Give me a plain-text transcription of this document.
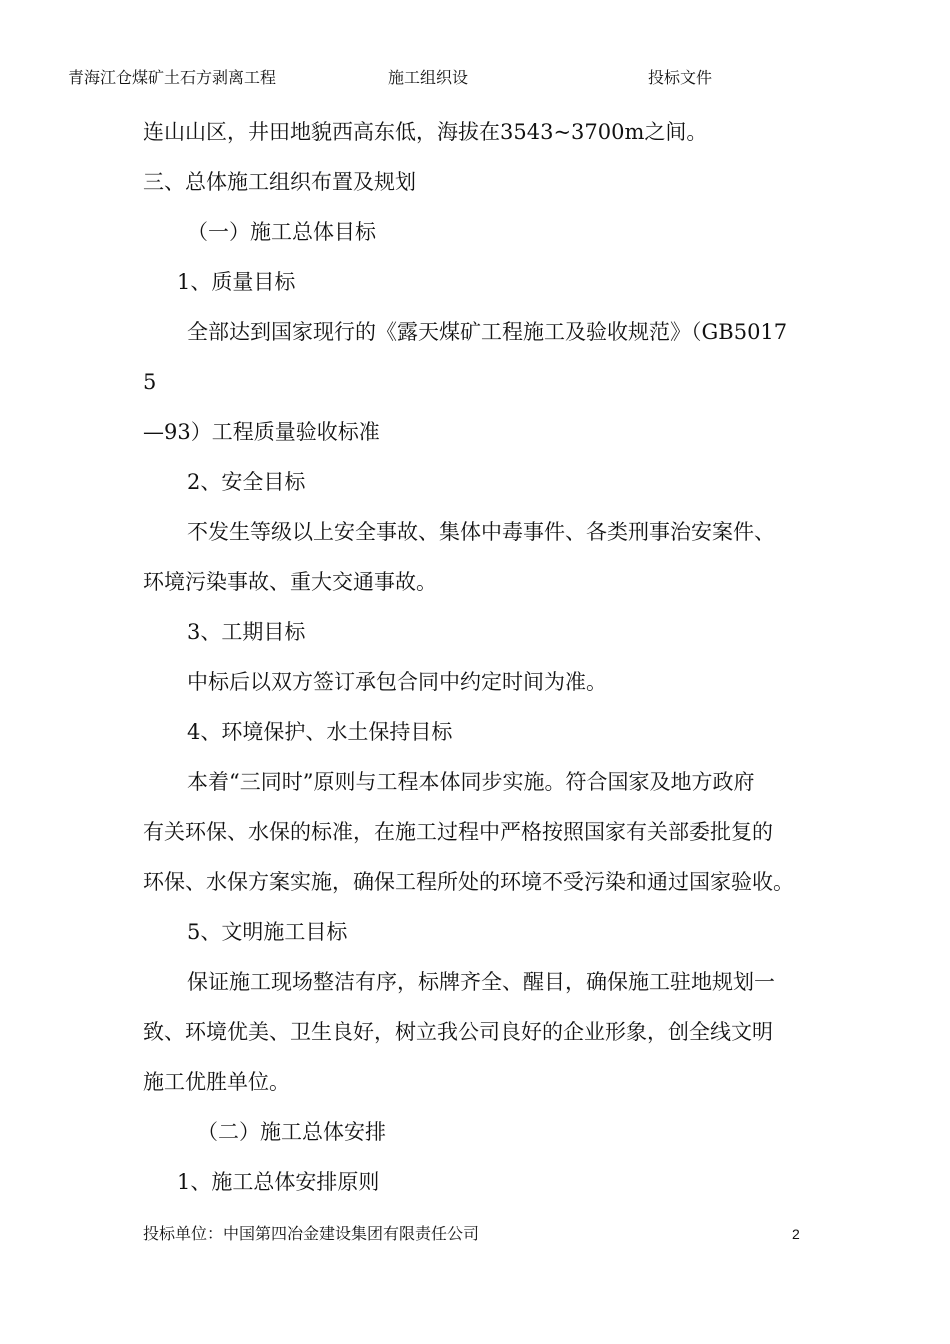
青海江仓煤矿土石方剥离工程	施工组织设	投标文件
连山山区，井田地貌西高东低，海拔在3543~3700m之间。
三、总体施工组织布置及规划
（一）施工总体目标
1、质量目标
全部达到国家现行的《露天煤矿工程施工及验收规范》（GB5017
5
—93）工程质量验收标准
2、安全目标
不发生等级以上安全事故、集体中毒事件、各类刑事治安案件、
环境污染事故、重大交通事故。
3、工期目标
中标后以双方签订承包合同中约定时间为准。
4、环境保护、水土保持目标
本着“三同时”原则与工程本体同步实施。符合国家及地方政府
有关环保、水保的标准，在施工过程中严格按照国家有关部委批复的
环保、水保方案实施，确保工程所处的环境不受污染和通过国家验收。
5、文明施工目标
保证施工现场整洁有序，标牌齐全、醒目，确保施工驻地规划一
致、环境优美、卫生良好，树立我公司良好的企业形象，创全线文明
施工优胜单位。
（二）施工总体安排
1、施工总体安排原则
投标单位：中国第四冶金建设集团有限责任公司	2
